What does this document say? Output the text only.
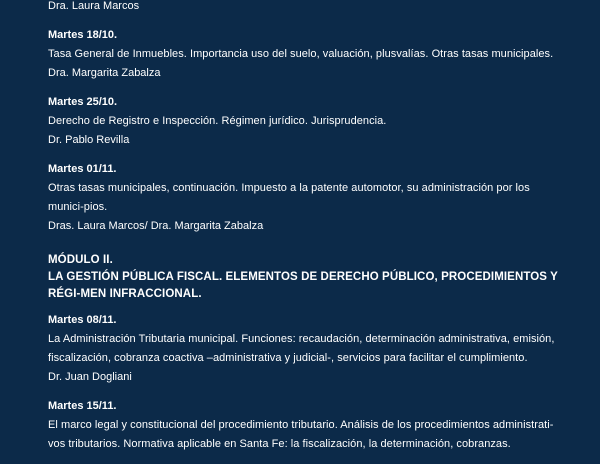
Dra. Laura Marcos
Martes 18/10.
Tasa General de Inmuebles. Importancia uso del suelo, valuación, plusvalías. Otras tasas municipales.
Dra. Margarita Zabalza
Martes 25/10.
Derecho de Registro e Inspección. Régimen jurídico. Jurisprudencia.
Dr. Pablo Revilla
Martes 01/11.
Otras tasas municipales, continuación. Impuesto a la patente automotor, su administración por los munici-pios.
Dras. Laura Marcos/ Dra. Margarita Zabalza
MÓDULO II.
LA GESTIÓN PÚBLICA FISCAL. ELEMENTOS DE DERECHO PÚBLICO, PROCEDIMIENTOS Y RÉGI-MEN INFRACCIONAL.
Martes 08/11.
La Administración Tributaria municipal. Funciones: recaudación, determinación administrativa, emisión, fiscalización, cobranza coactiva –administrativa y judicial-, servicios para facilitar el cumplimiento.
Dr. Juan Dogliani
Martes 15/11.
El marco legal y constitucional del procedimiento tributario. Análisis de los procedimientos administrati-vos tributarios. Normativa aplicable en Santa Fe: la fiscalización, la determinación, cobranzas.
